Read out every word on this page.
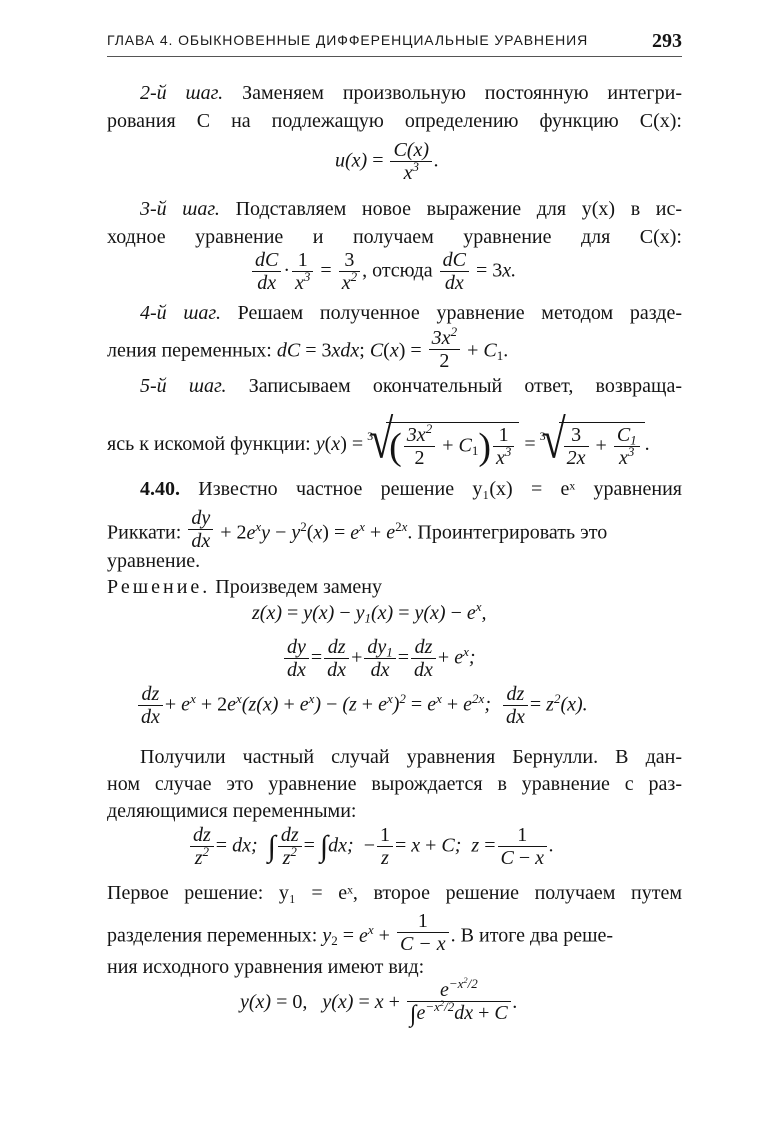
ГЛАВА 4. ОБЫКНОВЕННЫЕ ДИФФЕРЕНЦИАЛЬНЫЕ УРАВНЕНИЯ	293
2-й шаг. Заменяем произвольную постоянную интегри-
рования C на подлежащую определению функцию C(x):
$u(x) = \frac{C(x)}{x^3}$ .
3-й шаг. Подставляем новое выражение для y(x) в ис-
ходное уравнение и получаем уравнение для C(x):
$\frac{dC}{dx} \cdot \frac{1}{x^3} = \frac{3}{x^2}$ , отсюда $\frac{dC}{dx} = 3x$.
4-й шаг. Решаем полученное уравнение методом разде-
ления переменных: dC = 3xdx; $C(x) = \frac{3x^2}{2} + C_1$.
5-й шаг. Записываем окончательный ответ, возвраща-
ясь к искомой функции: y(x) = √ 3 ( $\frac{3x^2}{2} + C_1) \frac{1}{x^3}$ = √ $3 \frac{3}{2x} + \frac{C_1}{x^3}$ .
4.40. Известно частное решение y₁(x) = eˣ уравнения
Риккати: $\frac{dy}{dx} + 2e^xy - y^2(x) = e^x + e^{2x}$. Проинтегрировать это
уравнение.
Решение. Произведем замену
$z(x) = y(x) - y_1(x) = y(x) - e^x$,
$\frac{dy}{dx} = \frac{dz}{dx} + \frac{dy_1}{dx} = \frac{dz}{dx} + e^x$;
$\frac{dz}{dx} + e^x + 2e^x(z(x) + e^x) - (z + e^x)^2 = e^x + e^{2x}$; $\frac{dz}{dx} = z^2(x)$.
Получили частный случай уравнения Бернулли. В дан-
ном случае это уравнение вырождается в уравнение с раз-
деляющимися переменными:
$\frac{dz}{z^2}$ = dx;  ∫ $\frac{dz}{z^2} = \int dx$;  − $\frac{1}{z} = x + C$;  $z = \frac{1}{C - x}$ .
Первое решение: y₁ = eˣ, второе решение получаем путем
разделения переменных: $y_2 = e^x + \frac{1}{C - x}$ . В итоге два реше-
ния исходного уравнения имеют вид:
y(x) = 0,   $y(x) = x + \frac{e^{-x^2/2}}{\int e^{-x^2/2}dx + C}$ .
